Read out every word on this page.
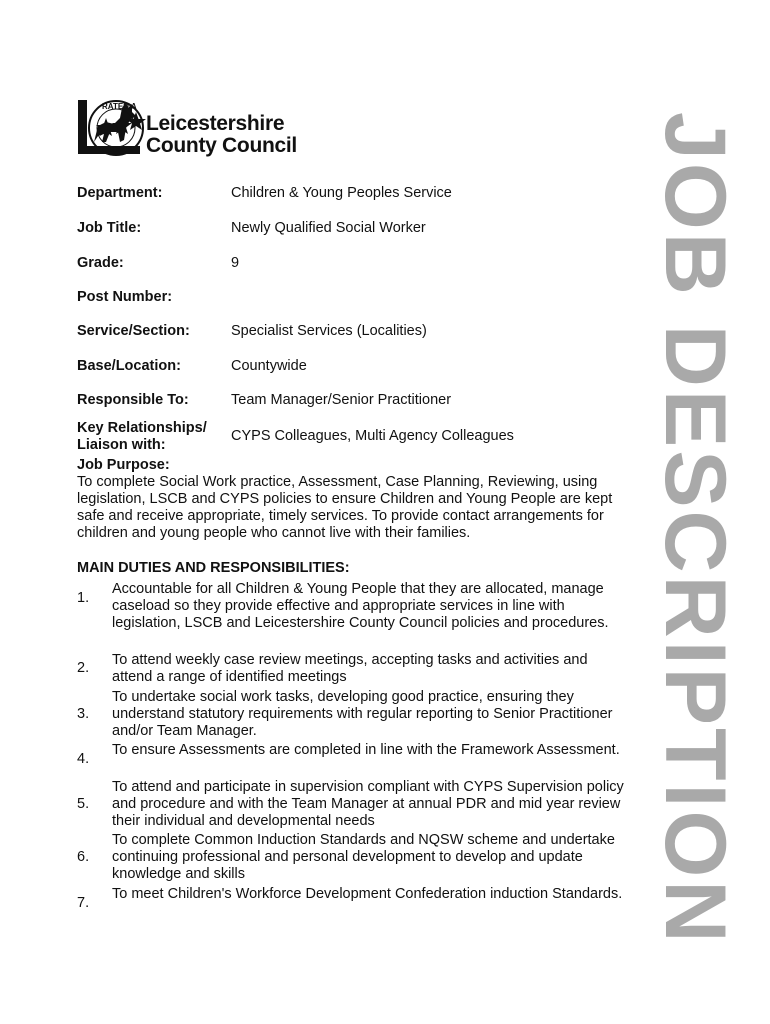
Leicestershire
County Council
RATED A
COUNCIL	JOB DESCRIPTION
Department:	Children & Young Peoples Service
Job Title:	Newly Qualified Social Worker
Grade:	9
Post Number:
Service/Section:	Specialist Services (Localities)
Base/Location:	Countywide
Responsible To:	Team Manager/Senior Practitioner
Key Relationships/
Liaison with:
CYPS Colleagues, Multi Agency Colleagues
Job Purpose:
To complete Social Work practice, Assessment, Case Planning, Reviewing, using legislation, LSCB and CYPS policies to ensure Children and Young People are kept safe and receive appropriate, timely services. To provide contact arrangements for children and young people who cannot live with their families.
MAIN DUTIES AND RESPONSIBILITIES:
1.
Accountable for all Children & Young People that they are allocated, manage caseload so they provide effective and appropriate services in line with legislation, LSCB and Leicestershire County Council policies and procedures.
2.	To attend weekly case review meetings, accepting tasks and activities and attend a range of identified meetings
3.
To undertake social work tasks, developing good practice, ensuring they understand statutory requirements with regular reporting to Senior Practitioner and/or Team Manager.
4.
To ensure Assessments are completed in line with the Framework Assessment.
5.
To attend and participate in supervision compliant with CYPS Supervision policy and procedure and with the Team Manager at annual PDR and mid year review their individual and developmental needs
6.
To complete Common Induction Standards and NQSW scheme and undertake continuing professional and personal development to develop and update knowledge and skills
7.
To meet Children's Workforce Development Confederation induction Standards.
